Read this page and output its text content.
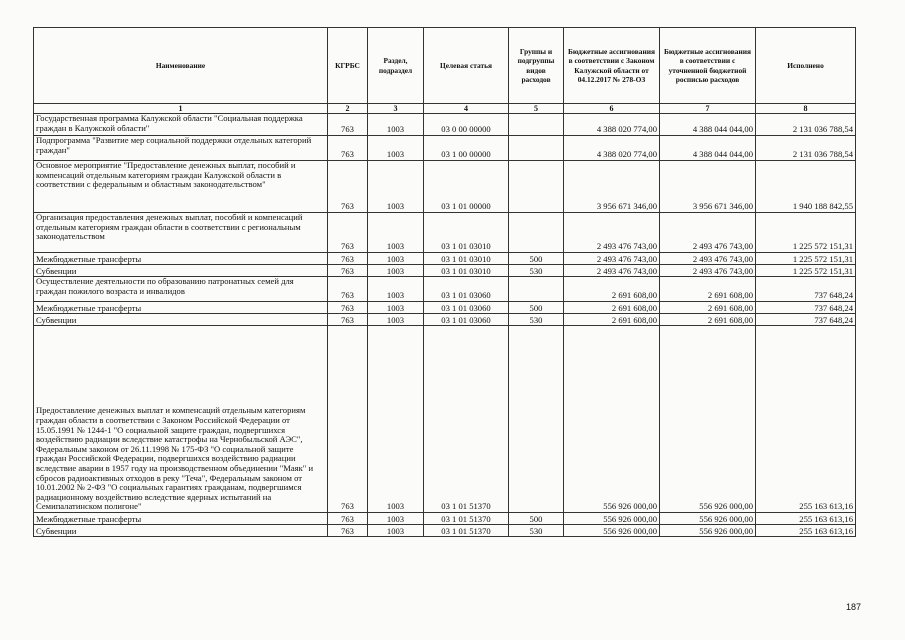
Наименование	КГРБС	Раздел, подраздел	Целевая статья	Группы и подгруппы видов расходов	Бюджетные ассигнования в соответствии с Законом Калужской области от 04.12.2017 № 278-ОЗ	Бюджетные ассигнования в соответствии с уточненной бюджетной росписью расходов	Исполнено
1	2	3	4	5	6	7	8
Государственная программа Калужской области "Социальная поддержка граждан в Калужской области"	763	1003	03 0 00 00000		4 388 020 774,00	4 388 044 044,00	2 131 036 788,54
Подпрограмма "Развитие мер социальной поддержки отдельных категорий граждан"	763	1003	03 1 00 00000		4 388 020 774,00	4 388 044 044,00	2 131 036 788,54
Основное мероприятие "Предоставление денежных выплат, пособий и компенсаций отдельным категориям граждан Калужской области в соответствии с федеральным и областным законодательством"	763	1003	03 1 01 00000		3 956 671 346,00	3 956 671 346,00	1 940 188 842,55
Организация предоставления денежных выплат, пособий и компенсаций отдельным категориям граждан области в соответствии с региональным законодательством	763	1003	03 1 01 03010		2 493 476 743,00	2 493 476 743,00	1 225 572 151,31
Межбюджетные трансферты	763	1003	03 1 01 03010	500	2 493 476 743,00	2 493 476 743,00	1 225 572 151,31
Субвенции	763	1003	03 1 01 03010	530	2 493 476 743,00	2 493 476 743,00	1 225 572 151,31
Осуществление деятельности по образованию патронатных семей для граждан пожилого возраста и инвалидов	763	1003	03 1 01 03060		2 691 608,00	2 691 608,00	737 648,24
Межбюджетные трансферты	763	1003	03 1 01 03060	500	2 691 608,00	2 691 608,00	737 648,24
Субвенции	763	1003	03 1 01 03060	530	2 691 608,00	2 691 608,00	737 648,24
Предоставление денежных выплат и компенсаций отдельным категориям граждан области в соответствии с Законом Российской Федерации от 15.05.1991 № 1244-1 "О социальной защите граждан, подвергшихся воздействию радиации вследствие катастрофы на Чернобыльской АЭС", Федеральным законом от 26.11.1998 № 175-ФЗ "О социальной защите граждан Российской Федерации, подвергшихся воздействию радиации вследствие аварии в 1957 году на производственном объединении "Маяк" и сбросов радиоактивных отходов в реку "Теча", Федеральным законом от 10.01.2002 № 2-ФЗ "О социальных гарантиях гражданам, подвергшимся радиационному воздействию вследствие ядерных испытаний на Семипалатинском полигоне"	763	1003	03 1 01 51370		556 926 000,00	556 926 000,00	255 163 613,16
Межбюджетные трансферты	763	1003	03 1 01 51370	500	556 926 000,00	556 926 000,00	255 163 613,16
Субвенции	763	1003	03 1 01 51370	530	556 926 000,00	556 926 000,00	255 163 613,16
187
